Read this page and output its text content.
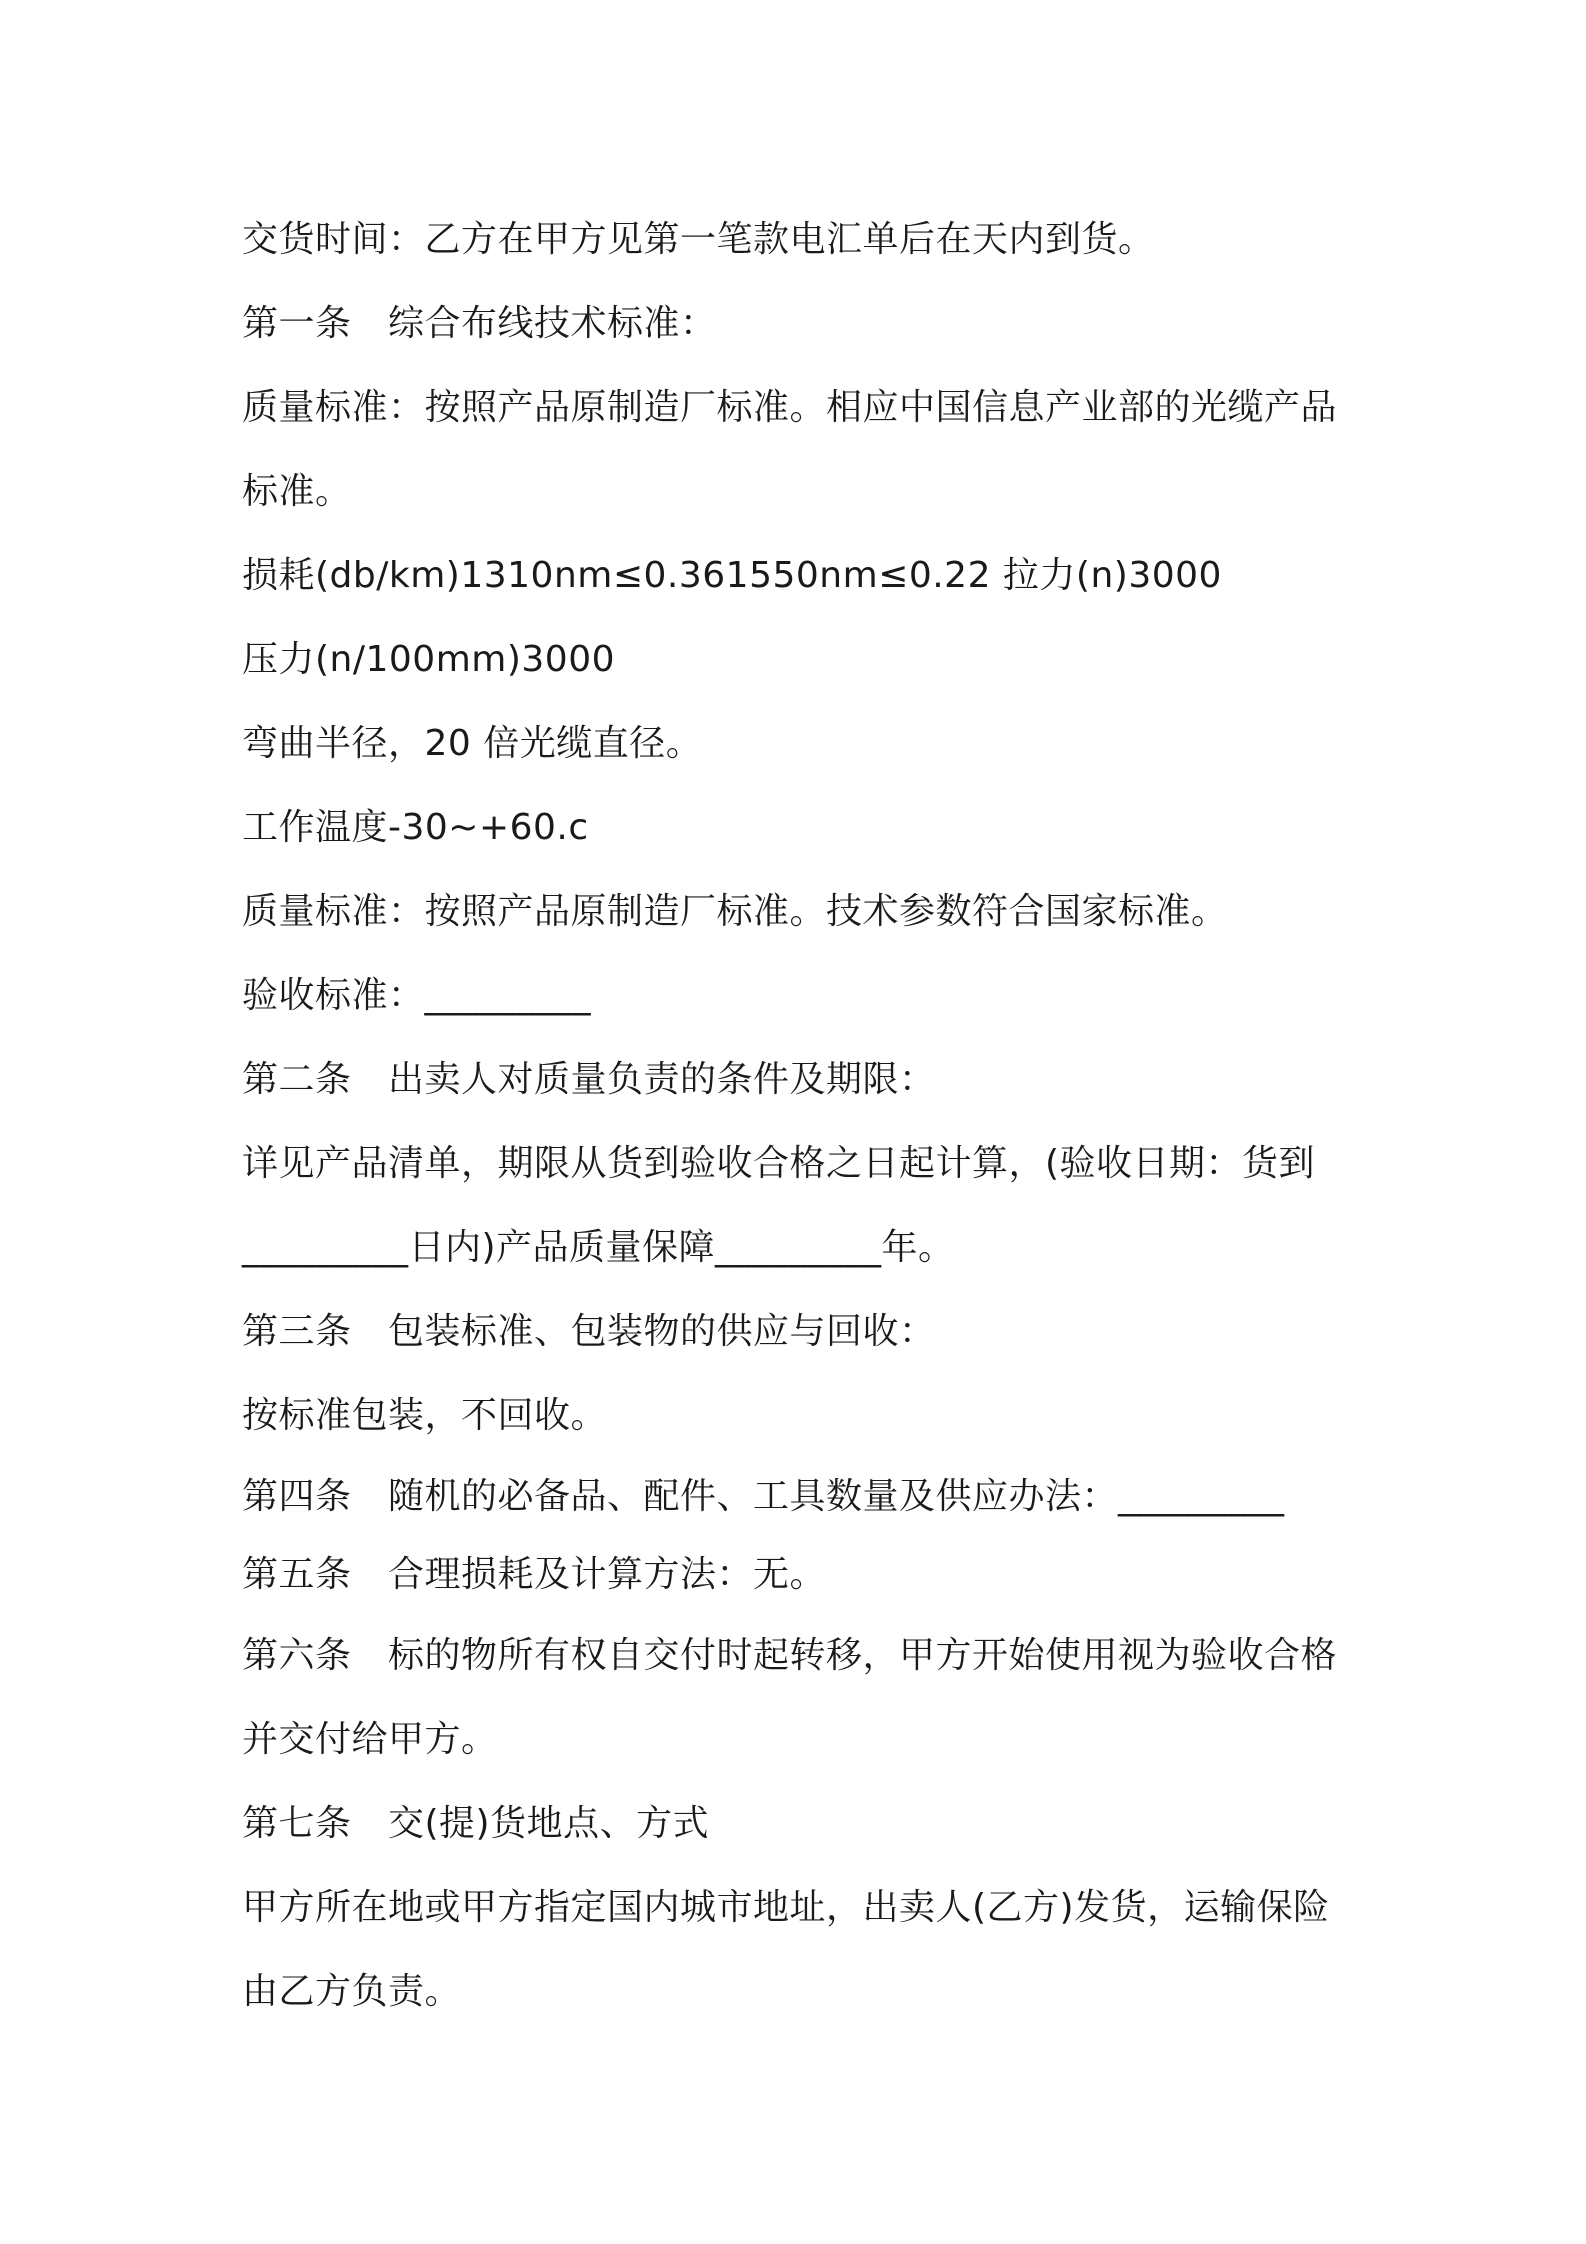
交货时间：乙方在甲方见第一笔款电汇单后在天内到货。
第一条　综合布线技术标准：
质量标准：按照产品原制造厂标准。相应中国信息产业部的光缆产品
标准。
损耗(db/km)1310nm≤0.361550nm≤0.22 拉力(n)3000
压力(n/100mm)3000
弯曲半径，20 倍光缆直径。
工作温度-30~+60.c
质量标准：按照产品原制造厂标准。技术参数符合国家标准。
验收标准：_________
第二条　出卖人对质量负责的条件及期限：
详见产品清单，期限从货到验收合格之日起计算，(验收日期：货到
_________日内)产品质量保障_________年。
第三条　包装标准、包装物的供应与回收：
按标准包装，不回收。
第四条　随机的必备品、配件、工具数量及供应办法：_________
第五条　合理损耗及计算方法：无。
第六条　标的物所有权自交付时起转移，甲方开始使用视为验收合格
并交付给甲方。
第七条　交(提)货地点、方式
甲方所在地或甲方指定国内城市地址，出卖人(乙方)发货，运输保险
由乙方负责。
